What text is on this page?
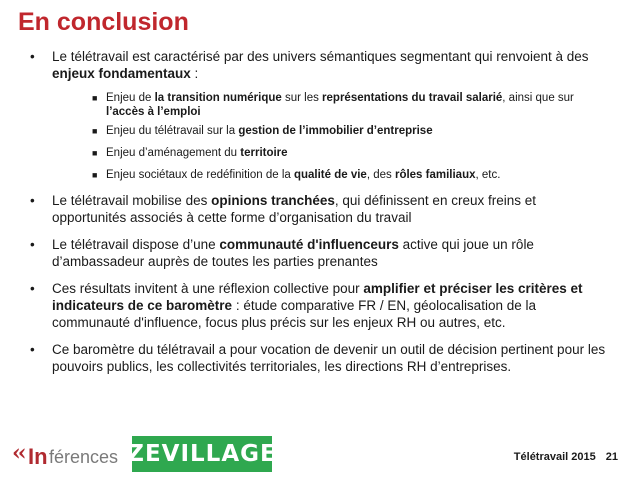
En conclusion
•	Le télétravail est caractérisé par des univers sémantiques segmentant qui renvoient à des enjeux fondamentaux :
■ Enjeu de la transition numérique sur les représentations du travail salarié, ainsi que sur l’accès à l’emploi
■ Enjeu du télétravail sur la gestion de l’immobilier d’entreprise
■ Enjeu d’aménagement du territoire
■ Enjeu sociétaux de redéfinition de la qualité de vie, des rôles familiaux, etc.
•	Le télétravail mobilise des opinions tranchées, qui définissent en creux freins et opportunités associés à cette forme d’organisation du travail
•	Le télétravail dispose d’une communauté d'influenceurs active qui joue un rôle d’ambassadeur auprès de toutes les parties prenantes
•	Ces résultats invitent à une réflexion collective pour amplifier et préciser les critères et indicateurs de ce baromètre : étude comparative FR / EN, géolocalisation de la communauté d'influence, focus plus précis sur les enjeux RH ou autres, etc.
•	Ce baromètre du télétravail a pour vocation de devenir un outil de décision pertinent pour les pouvoirs publics, les collectivités territoriales, les directions RH d’entreprises.
‹‹ In férences ZEVILLAGE	Télétravail 2015 21
